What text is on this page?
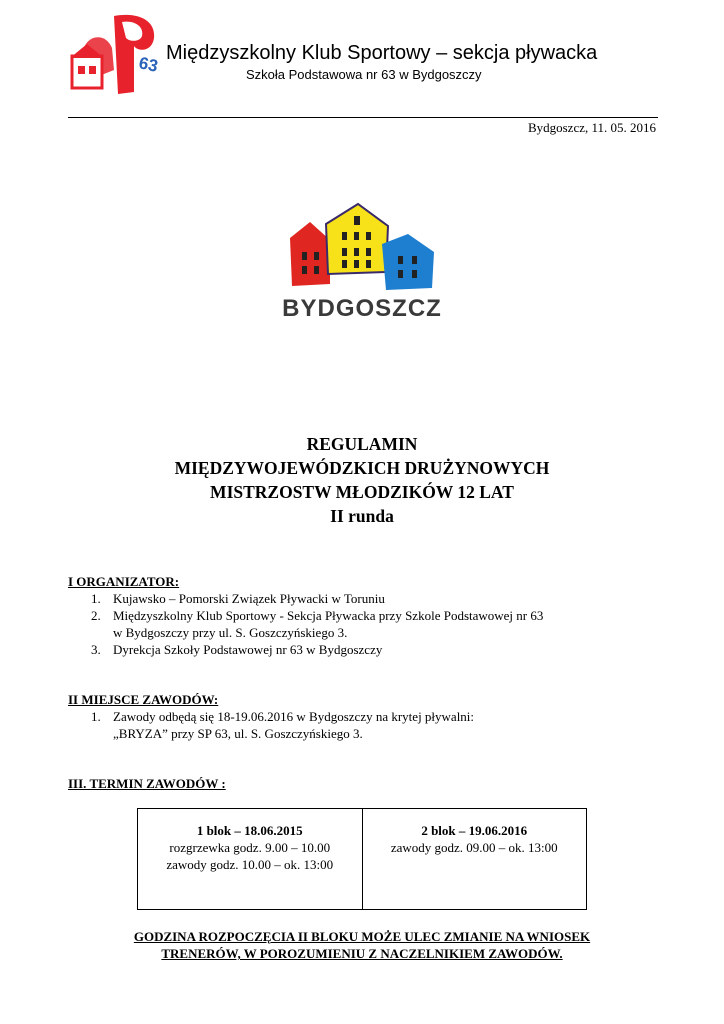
63
Międzyszkolny Klub Sportowy – sekcja pływacka
Szkoła Podstawowa nr 63 w Bydgoszczy
Bydgoszcz, 11. 05. 2016
BYDGOSZCZ
REGULAMIN
MIĘDZYWOJEWÓDZKICH DRUŻYNOWYCH
MISTRZOSTW MŁODZIKÓW 12 LAT
II runda
I ORGANIZATOR:
1. Kujawsko – Pomorski Związek Pływacki w Toruniu
2. Międzyszkolny Klub Sportowy - Sekcja Pływacka przy Szkole Podstawowej nr 63
w Bydgoszczy przy ul. S. Goszczyńskiego 3.
3. Dyrekcja Szkoły Podstawowej nr 63 w Bydgoszczy
II MIEJSCE ZAWODÓW:
1. Zawody odbędą się 18-19.06.2016 w Bydgoszczy na krytej pływalni:
„BRYZA” przy SP 63, ul. S. Goszczyńskiego 3.
III. TERMIN ZAWODÓW :
1 blok – 18.06.2015
rozgrzewka godz. 9.00 – 10.00
zawody godz. 10.00 – ok. 13:00
2 blok – 19.06.2016
zawody godz. 09.00 – ok. 13:00
GODZINA ROZPOCZĘCIA II BLOKU MOŻE ULEC ZMIANIE NA WNIOSEK
TRENERÓW, W POROZUMIENIU Z NACZELNIKIEM ZAWODÓW.
